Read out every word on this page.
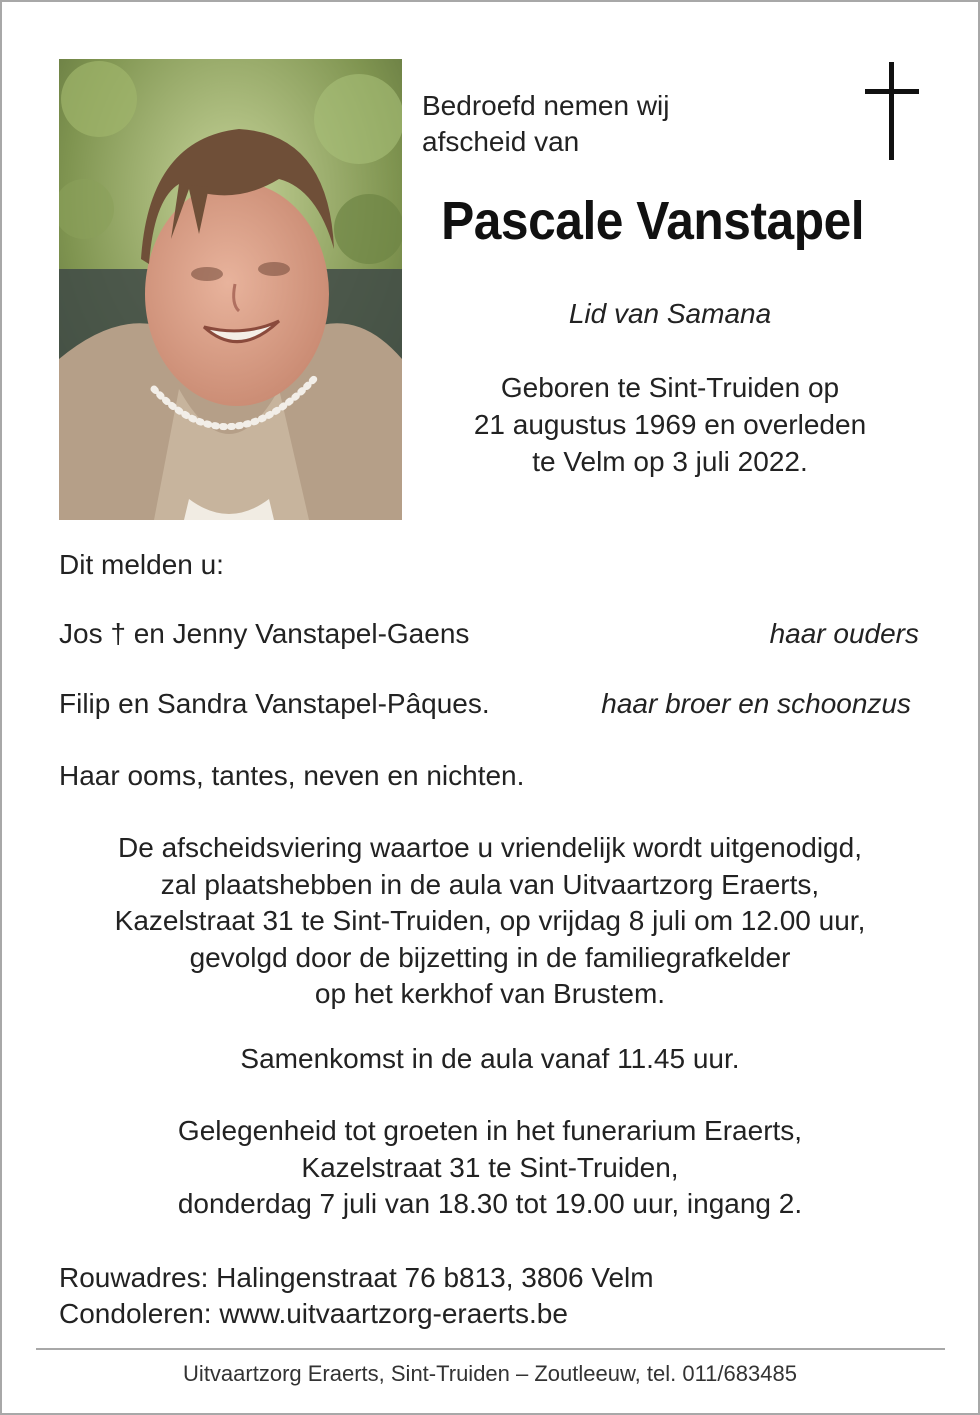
Bedroefd nemen wij
afscheid van
Pascale Vanstapel
Lid van Samana
Geboren te Sint-Truiden op
21 augustus 1969 en overleden
te Velm op 3 juli 2022.
Dit melden u:
Jos † en Jenny Vanstapel-Gaens	haar ouders
Filip en Sandra Vanstapel-Pâques.	haar broer en schoonzus
Haar ooms, tantes, neven en nichten.
De afscheidsviering waartoe u vriendelijk wordt uitgenodigd,
zal plaatshebben in de aula van Uitvaartzorg Eraerts,
Kazelstraat 31 te Sint-Truiden, op vrijdag 8 juli om 12.00 uur,
gevolgd door de bijzetting in de familiegrafkelder
op het kerkhof van Brustem.
Samenkomst in de aula vanaf 11.45 uur.
Gelegenheid tot groeten in het funerarium Eraerts,
Kazelstraat 31 te Sint-Truiden,
donderdag 7 juli van 18.30 tot 19.00 uur, ingang 2.
Rouwadres: Halingenstraat 76 b813, 3806 Velm
Condoleren: www.uitvaartzorg-eraerts.be
Uitvaartzorg Eraerts, Sint-Truiden – Zoutleeuw, tel. 011/683485
